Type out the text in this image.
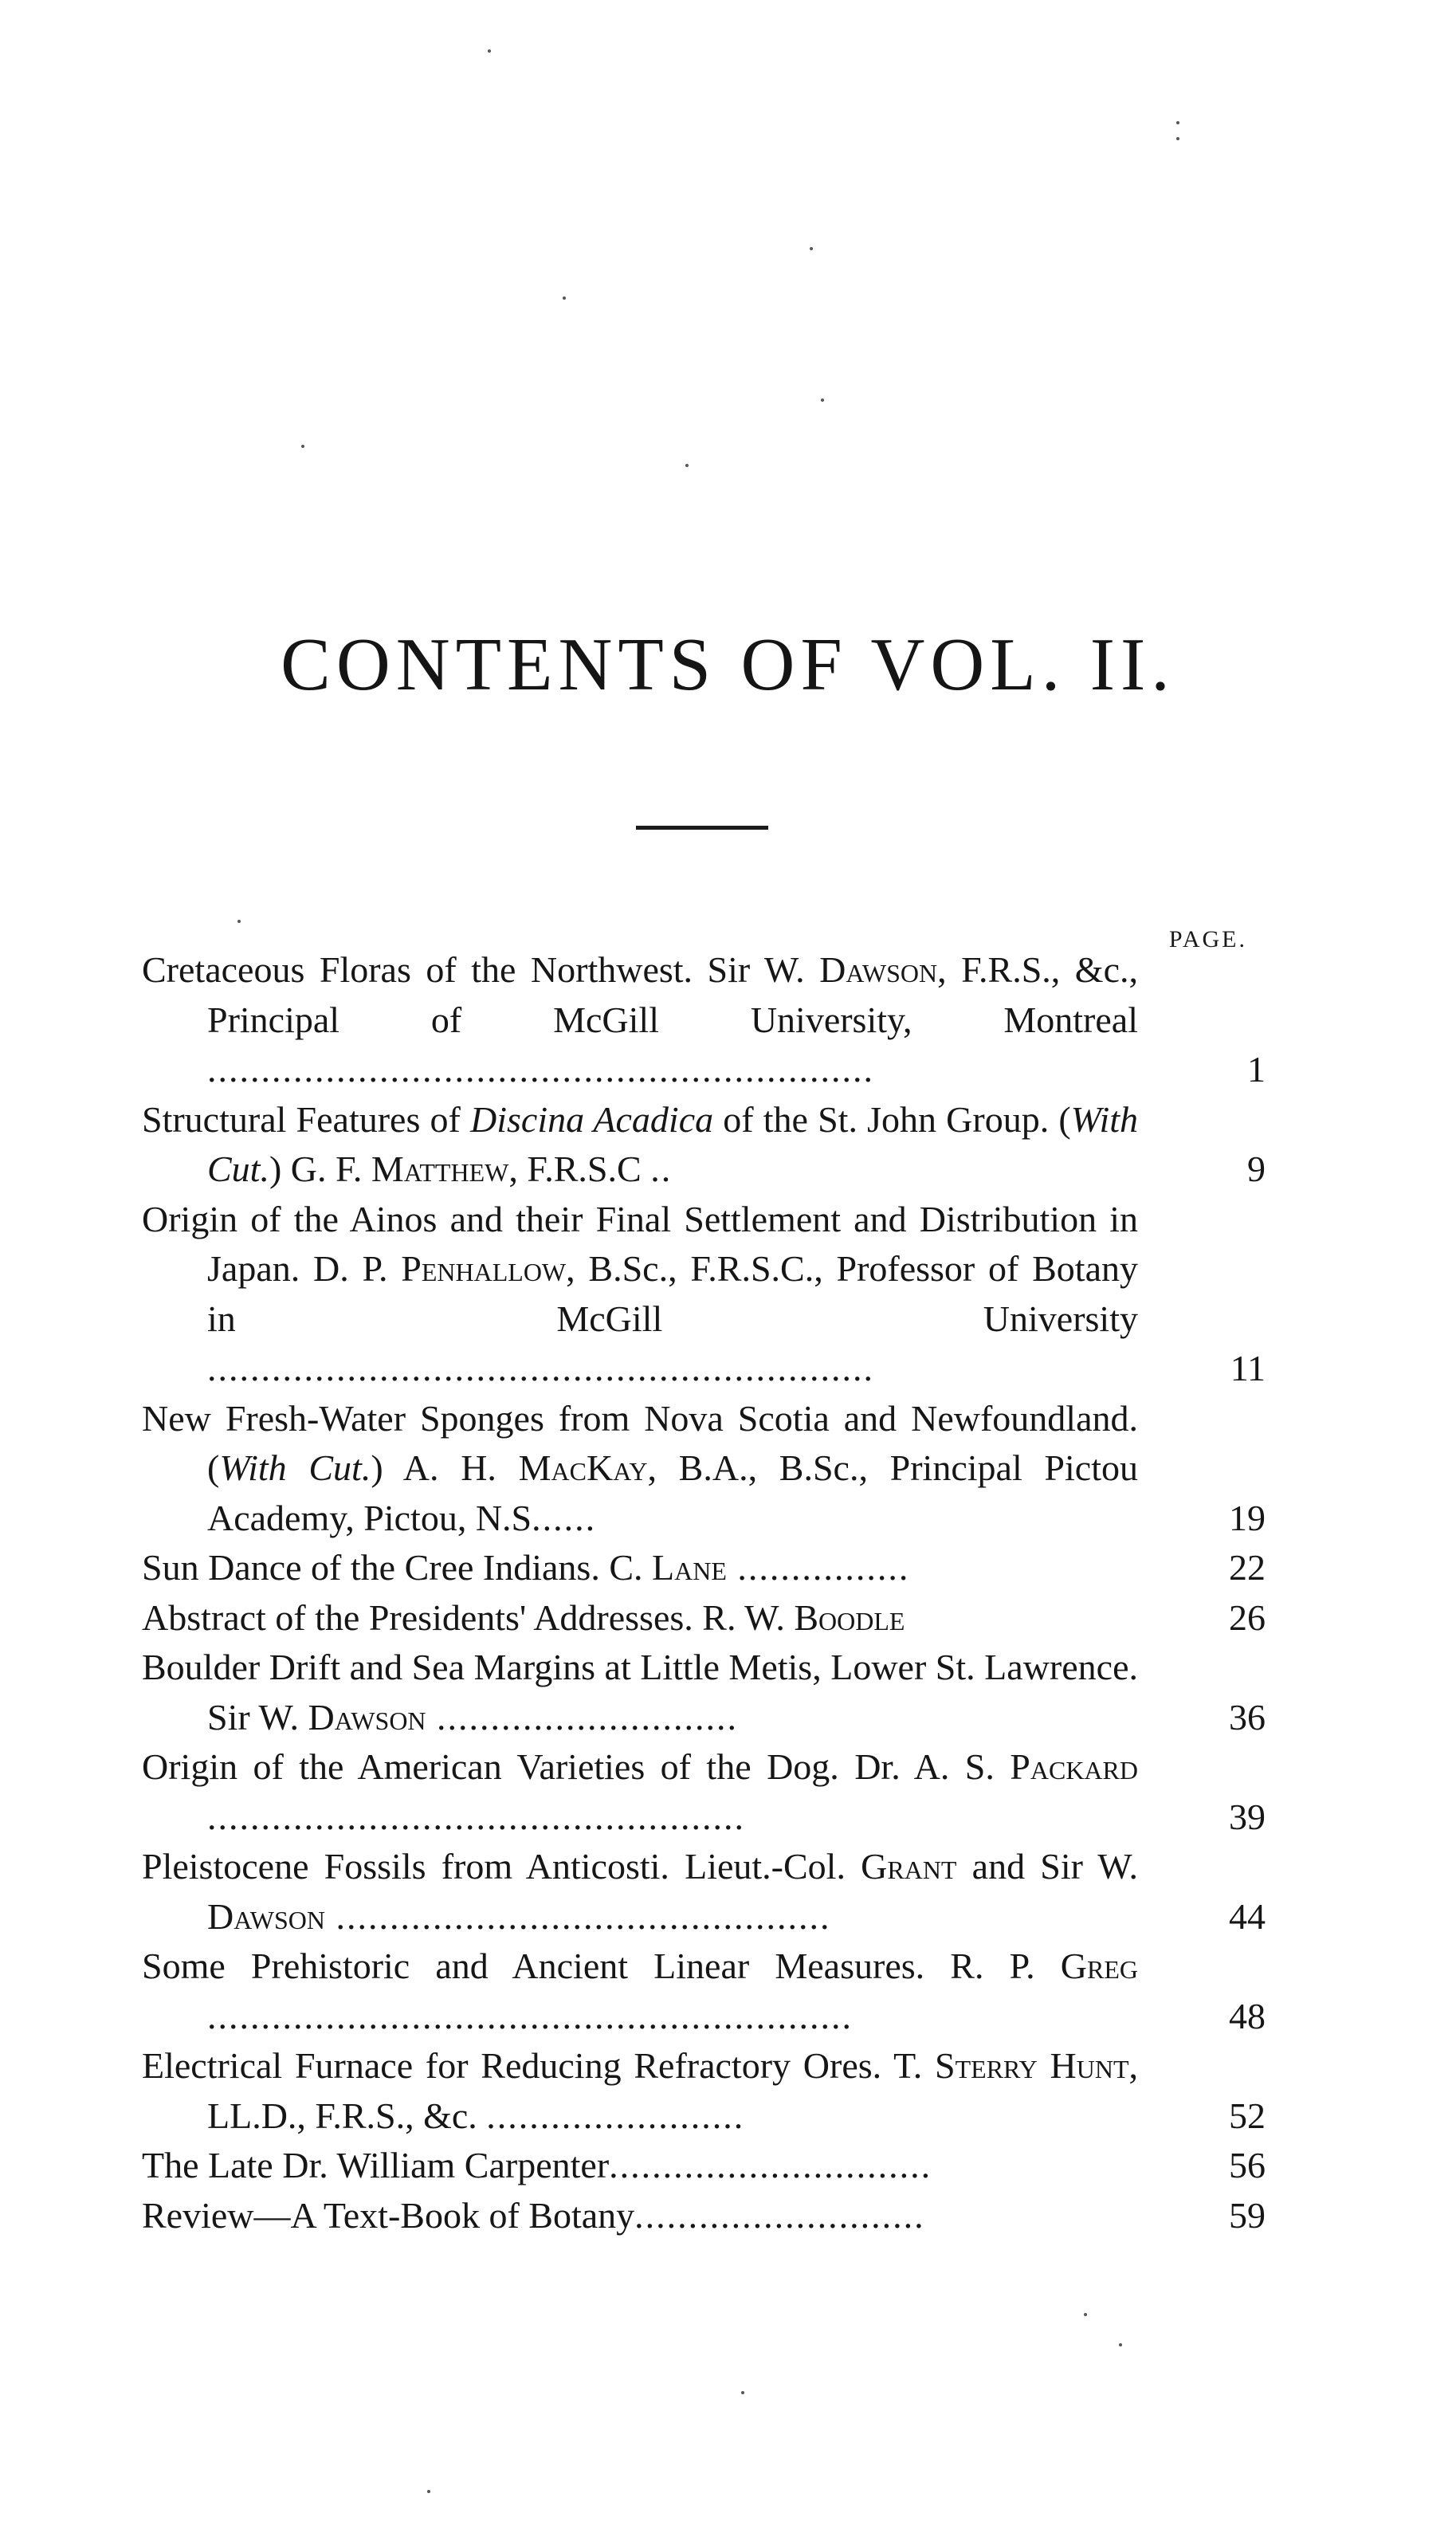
CONTENTS OF VOL. II.
PAGE.
Cretaceous Floras of the Northwest. Sir W. Dawson, F.R.S., &c., Principal of McGill University, Montreal ..............................................................	1
Structural Features of Discina Acadica of the St. John Group. (With Cut.) G. F. Matthew, F.R.S.C ..	9
Origin of the Ainos and their Final Settlement and Distribution in Japan. D. P. Penhallow, B.Sc., F.R.S.C., Professor of Botany in McGill University ..............................................................	11
New Fresh-Water Sponges from Nova Scotia and Newfoundland. (With Cut.) A. H. MacKay, B.A., B.Sc., Principal Pictou Academy, Pictou, N.S......	19
Sun Dance of the Cree Indians. C. Lane ................	22
Abstract of the Presidents' Addresses. R. W. Boodle	26
Boulder Drift and Sea Margins at Little Metis, Lower St. Lawrence. Sir W. Dawson ............................	36
Origin of the American Varieties of the Dog. Dr. A. S. Packard ..................................................	39
Pleistocene Fossils from Anticosti. Lieut.-Col. Grant and Sir W. Dawson ..............................................	44
Some Prehistoric and Ancient Linear Measures. R. P. Greg ............................................................	48
Electrical Furnace for Reducing Refractory Ores. T. Sterry Hunt, LL.D., F.R.S., &c. ........................	52
The Late Dr. William Carpenter..............................	56
Review—A Text-Book of Botany...........................	59
